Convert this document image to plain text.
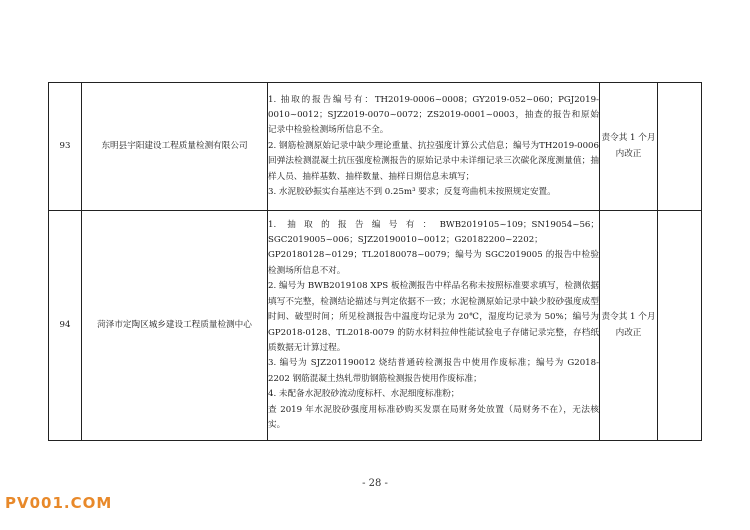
93	东明县宇阳建设工程质量检测有限公司	1. 抽取的报告编号有：TH2019-0006~0008；GY2019-052~060；PGJ2019-0010~0012；SJZ2019-0070~0072；ZS2019-0001~0003，抽查的报告和原始记录中检验检测场所信息不全。
2. 钢筋检测原始记录中缺少理论重量、抗拉强度计算公式信息；编号为TH2019-0006 回弹法检测混凝土抗压强度检测报告的原始记录中未详细记录三次碳化深度测量值；抽样人员、抽样基数、抽样数量、抽样日期信息未填写；
3. 水泥胶砂振实台基座达不到 0.25m³ 要求；反复弯曲机未按照规定安置。	责令其 1 个月内改正	
94	菏泽市定陶区城乡建设工程质量检测中心	1. 抽取的报告编号有：BWB2019105~109；SN19054~56；SGC2019005~006；SJZ20190010~0012；G20182200~2202；GP20180128~0129；TL20180078~0079；编号为 SGC2019005 的报告中检验检测场所信息不对。
2. 编号为 BWB2019108 XPS 板检测报告中样品名称未按照标准要求填写，检测依据填写不完整，检测结论描述与判定依据不一致；水泥检测原始记录中缺少胶砂强度成型时间、破型时间；所见检测报告中温度均记录为 20℃，湿度均记录为 50%；编号为 GP2018-0128、TL2018-0079 的防水材料拉伸性能试验电子存储记录完整，存档纸质数据无计算过程。
3. 编号为 SJZ201190012 烧结普通砖检测报告中使用作废标准；编号为 G2018-2202 钢筋混凝土热轧带肋钢筋检测报告使用作废标准；
4. 未配备水泥胶砂流动度标杆、水泥细度标准粉；
查 2019 年水泥胶砂强度用标准砂购买发票在局财务处放置（局财务不在），无法核实。	责令其 1 个月内改正	
- 28 -
PV001.COM
